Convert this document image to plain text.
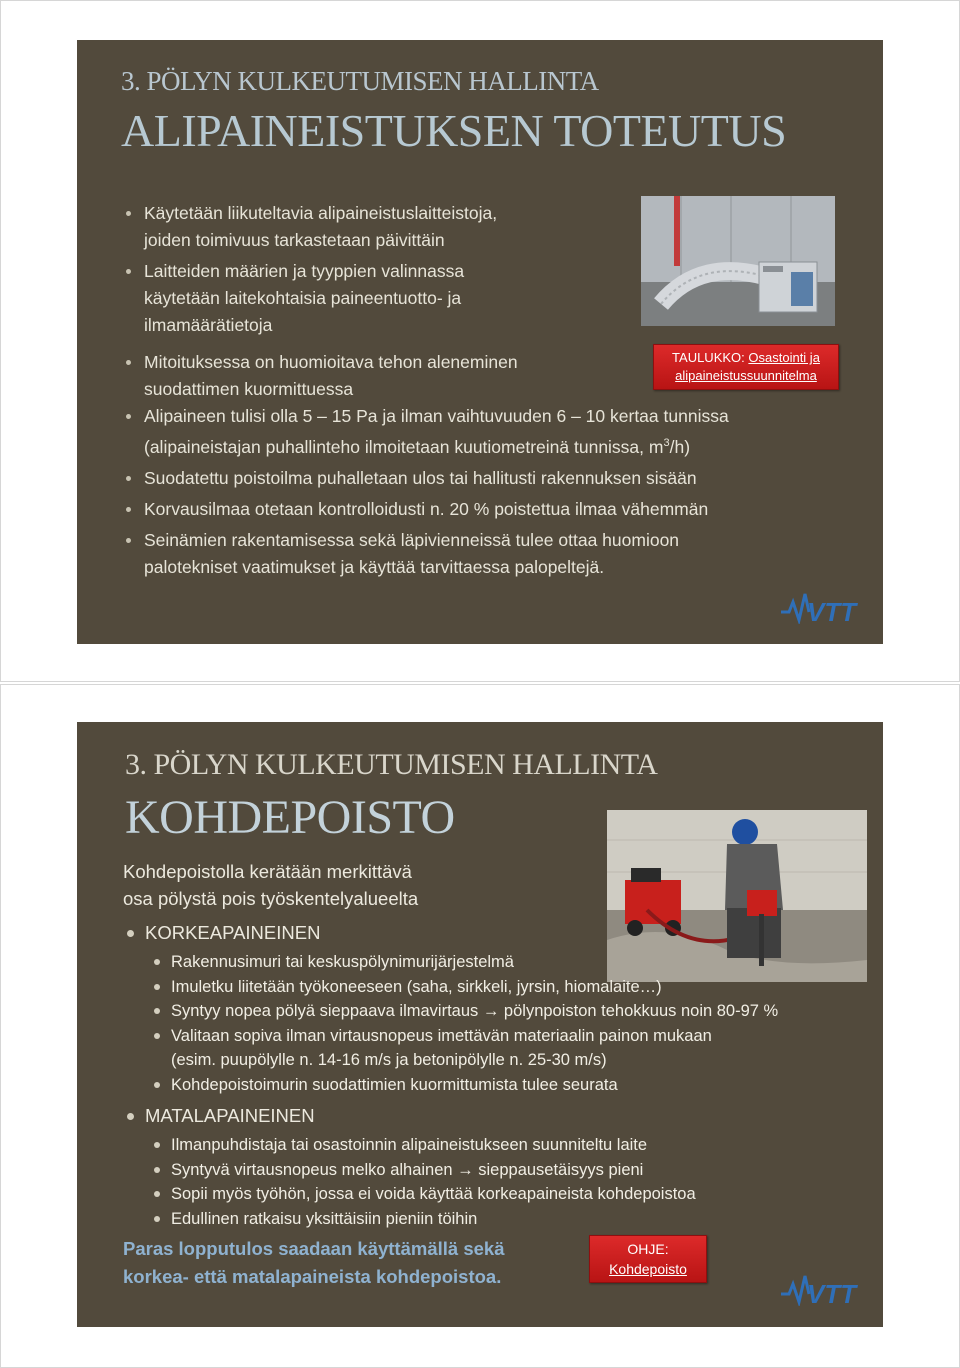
3. PÖLYN KULKEUTUMISEN HALLINTA
ALIPAINEISTUKSEN TOTEUTUS
TAULUKKO: Osastointi ja
alipaineistussuunnitelma
Käytetään liikuteltavia alipaineistuslaitteistoja,
joiden toimivuus tarkastetaan päivittäin
Laitteiden määrien ja tyyppien valinnassa
käytetään laitekohtaisia paineentuotto- ja
ilmamäärätietoja
Mitoituksessa on huomioitava tehon aleneminen
suodattimen kuormittuessa
Alipaineen tulisi olla 5 – 15 Pa ja ilman vaihtuvuuden 6 – 10 kertaa tunnissa
(alipaineistajan puhallinteho ilmoitetaan kuutiometreinä tunnissa, $m^3/h$)
Suodatettu poistoilma puhalletaan ulos tai hallitusti rakennuksen sisään
Korvausilmaa otetaan kontrolloidusti n. 20 % poistettua ilmaa vähemmän
Seinämien rakentamisessa sekä läpivienneissä tulee ottaa huomioon
palotekniset vaatimukset ja käyttää tarvittaessa palopeltejä.
VTT
3. PÖLYN KULKEUTUMISEN HALLINTA
KOHDEPOISTO
Kohdepoistolla kerätään merkittävä
osa pölystä pois työskentelyalueelta
KORKEAPAINEINEN
Rakennusimuri tai keskuspölynimurijärjestelmä
Imuletku liitetään työkoneeseen (saha, sirkkeli, jyrsin, hiomalaite…)
Syntyy nopea pölyä sieppaava ilmavirtaus → pölynpoiston tehokkuus noin 80-97 %
Valitaan sopiva ilman virtausnopeus imettävän materiaalin painon mukaan
(esim. puupölylle n. 14-16 m/s ja betonipölylle n. 25-30 m/s)
Kohdepoistoimurin suodattimien kuormittumista tulee seurata
MATALAPAINEINEN
Ilmanpuhdistaja tai osastoinnin alipaineistukseen suunniteltu laite
Syntyvä virtausnopeus melko alhainen → sieppausetäisyys pieni
Sopii myös työhön, jossa ei voida käyttää korkeapaineista kohdepoistoa
Edullinen ratkaisu yksittäisiin pieniin töihin
Paras lopputulos saadaan käyttämällä sekä
korkea- että matalapaineista kohdepoistoa.
OHJE:
Kohdepoisto
VTT
